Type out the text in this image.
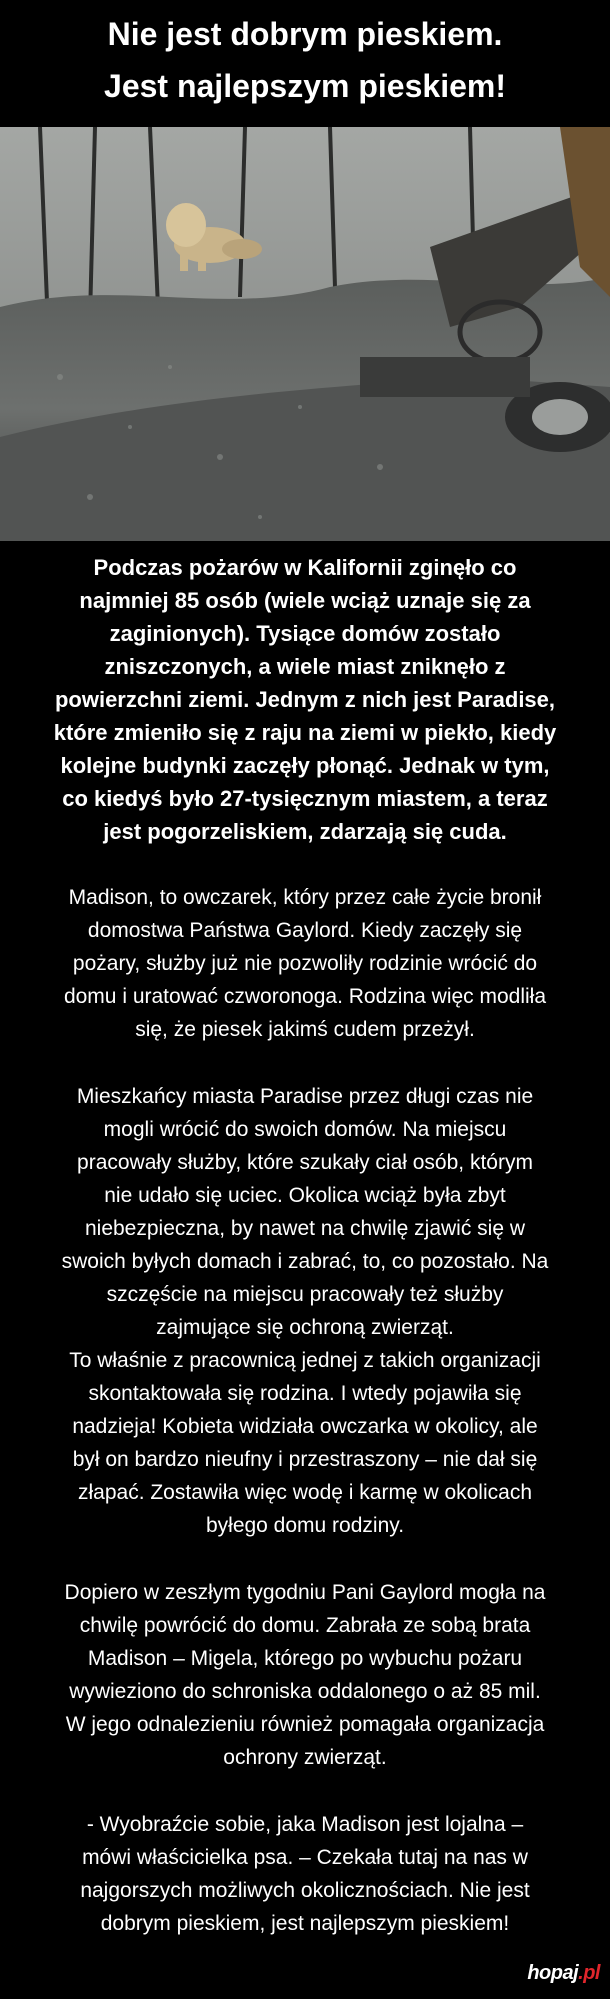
Nie jest dobrym pieskiem.
Jest najlepszym pieskiem!
Podczas pożarów w Kalifornii zginęło co
najmniej 85 osób (wiele wciąż uznaje się za
zaginionych). Tysiące domów zostało
zniszczonych, a wiele miast zniknęło z
powierzchni ziemi. Jednym z nich jest Paradise,
które zmieniło się z raju na ziemi w piekło, kiedy
kolejne budynki zaczęły płonąć. Jednak w tym,
co kiedyś było 27-tysięcznym miastem, a teraz
jest pogorzeliskiem, zdarzają się cuda.
Madison, to owczarek, który przez całe życie bronił
domostwa Państwa Gaylord. Kiedy zaczęły się
pożary, służby już nie pozwoliły rodzinie wrócić do
domu i uratować czworonoga. Rodzina więc modliła
się, że piesek jakimś cudem przeżył.
Mieszkańcy miasta Paradise przez długi czas nie
mogli wrócić do swoich domów. Na miejscu
pracowały służby, które szukały ciał osób, którym
nie udało się uciec. Okolica wciąż była zbyt
niebezpieczna, by nawet na chwilę zjawić się w
swoich byłych domach i zabrać, to, co pozostało. Na
szczęście na miejscu pracowały też służby
zajmujące się ochroną zwierząt.
To właśnie z pracownicą jednej z takich organizacji
skontaktowała się rodzina. I wtedy pojawiła się
nadzieja! Kobieta widziała owczarka w okolicy, ale
był on bardzo nieufny i przestraszony – nie dał się
złapać. Zostawiła więc wodę i karmę w okolicach
byłego domu rodziny.
Dopiero w zeszłym tygodniu Pani Gaylord mogła na
chwilę powrócić do domu. Zabrała ze sobą brata
Madison – Migela, którego po wybuchu pożaru
wywieziono do schroniska oddalonego o aż 85 mil.
W jego odnalezieniu również pomagała organizacja
ochrony zwierząt.
- Wyobraźcie sobie, jaka Madison jest lojalna –
mówi właścicielka psa. – Czekała tutaj na nas w
najgorszych możliwych okolicznościach. Nie jest
dobrym pieskiem, jest najlepszym pieskiem!
hopaj.pl
